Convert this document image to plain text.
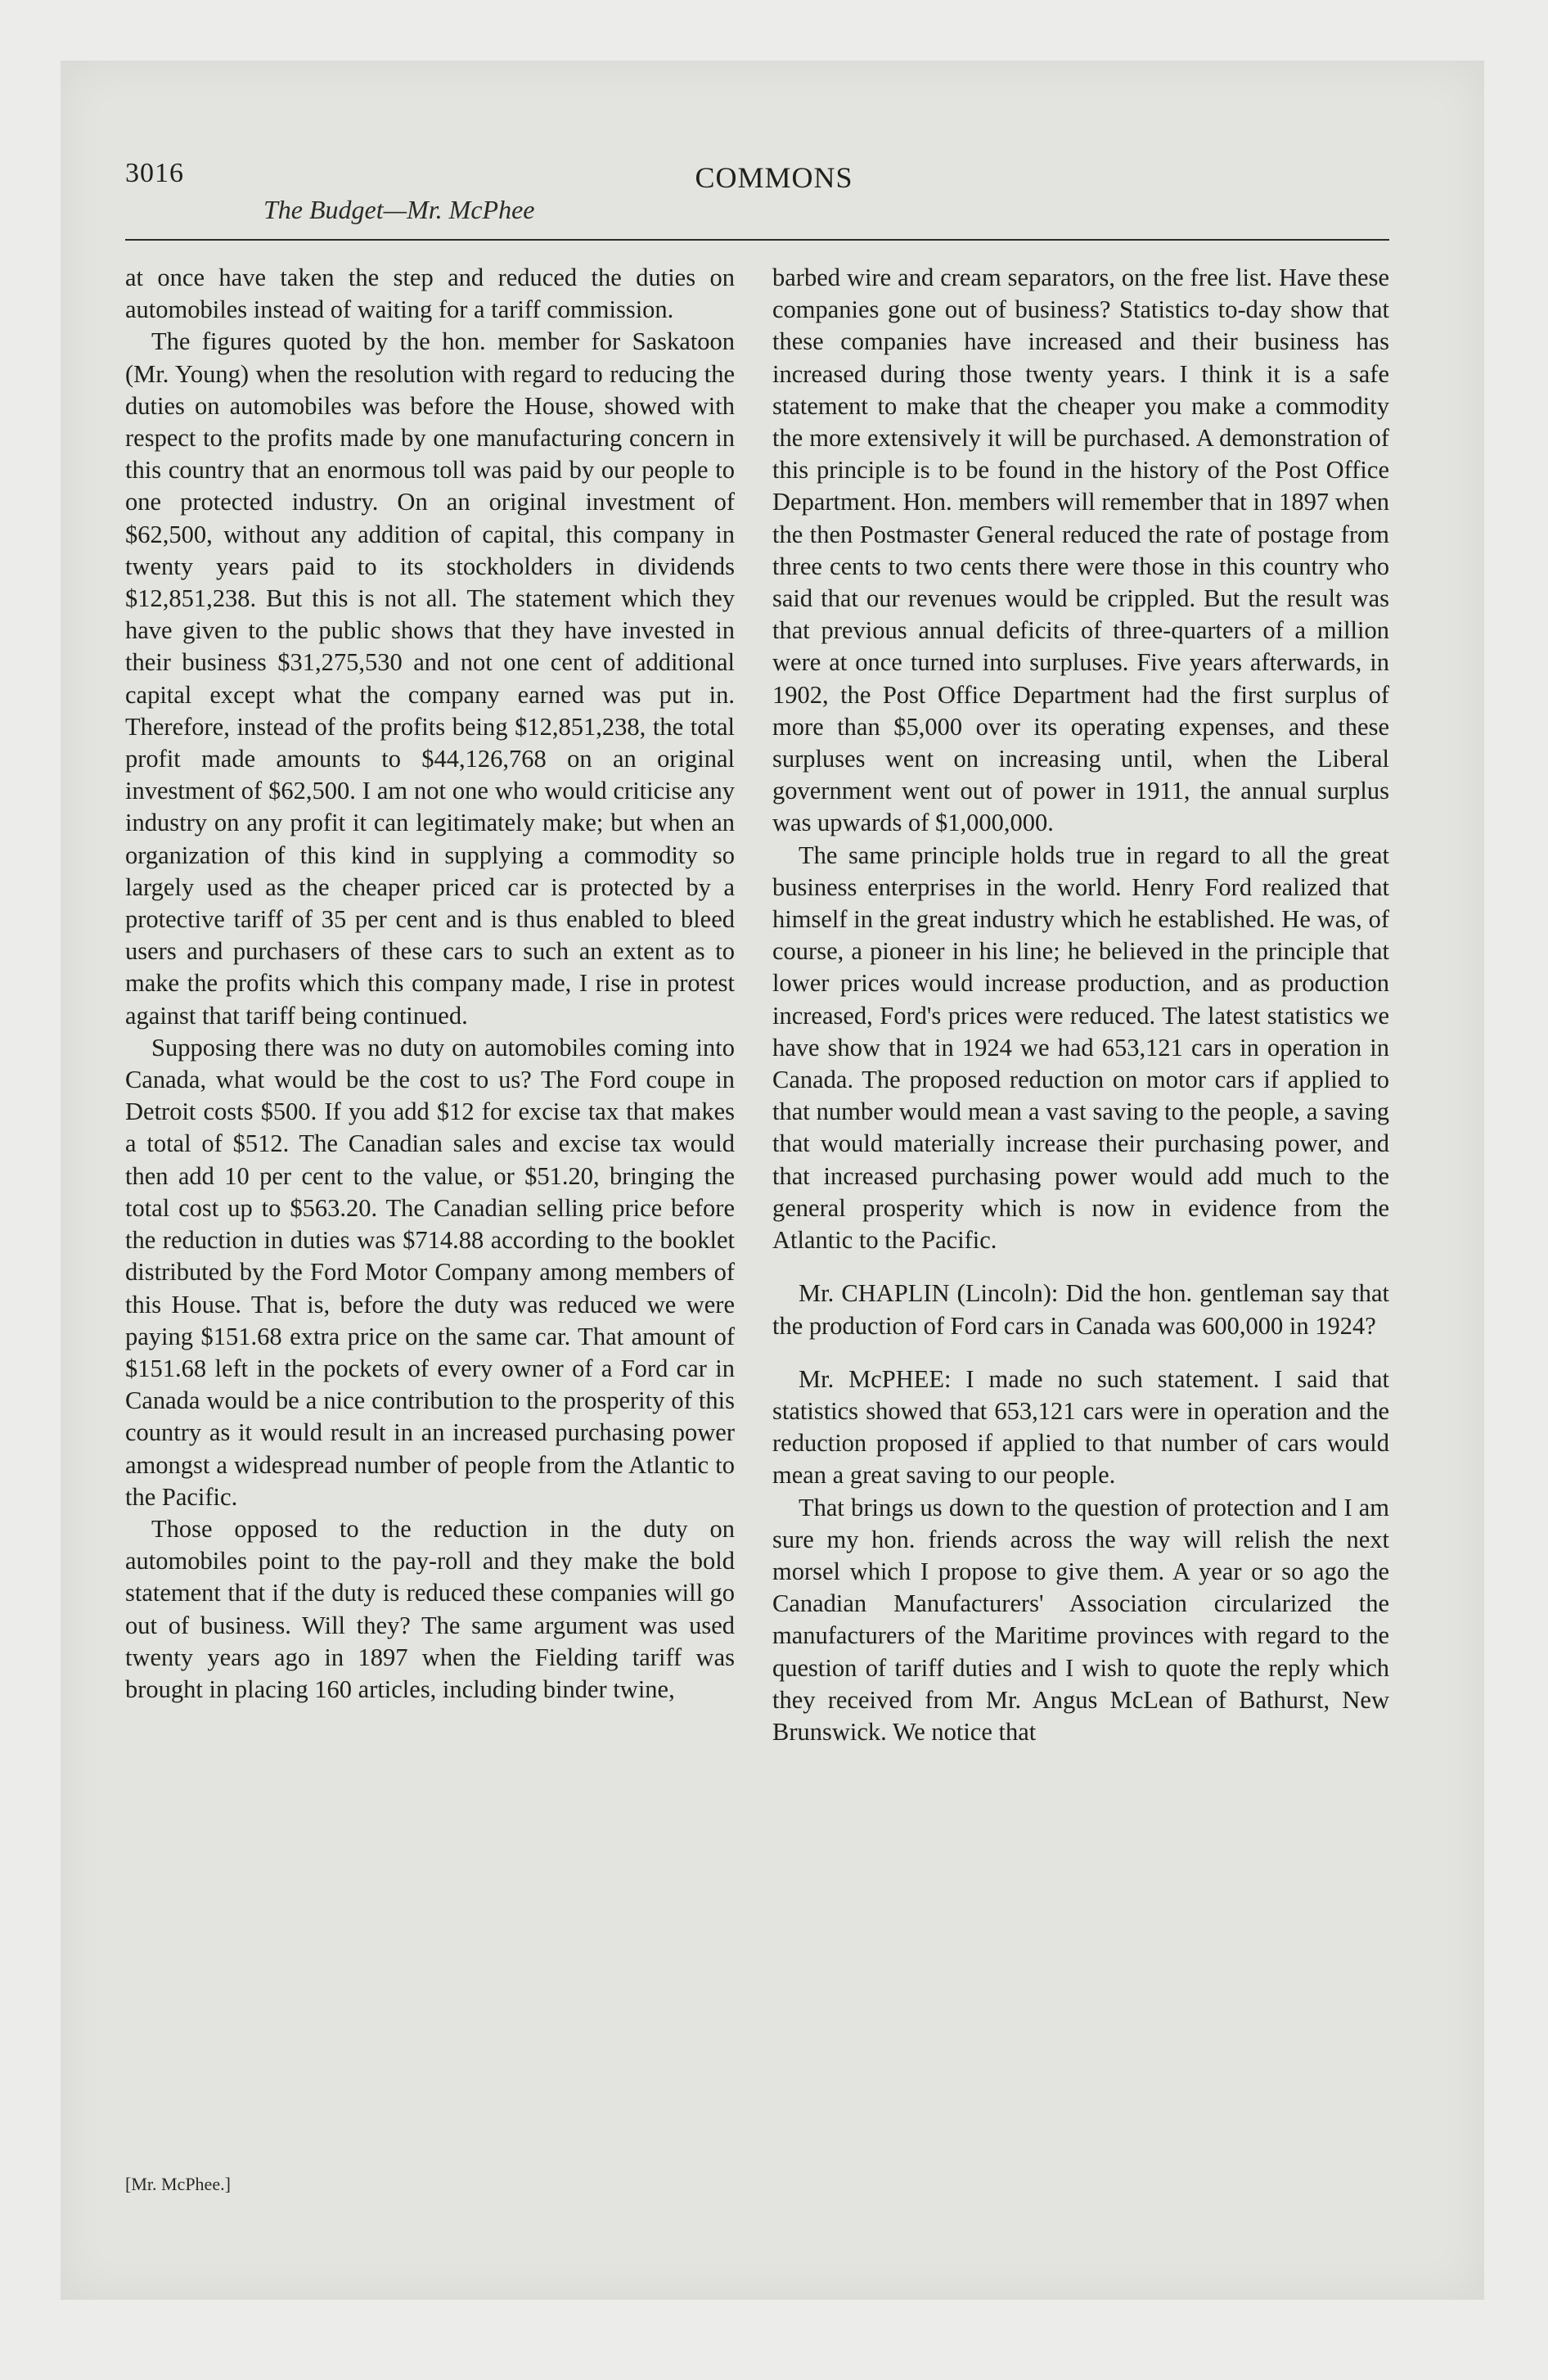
3016	COMMONS
The Budget—Mr. McPhee

at once have taken the step and reduced the duties on automobiles instead of waiting for a tariff commission.

The figures quoted by the hon. member for Saskatoon (Mr. Young) when the resolution with regard to reducing the duties on automobiles was before the House, showed with respect to the profits made by one manufacturing concern in this country that an enormous toll was paid by our people to one protected industry. On an original investment of $62,500, without any addition of capital, this company in twenty years paid to its stockholders in dividends $12,851,238. But this is not all. The statement which they have given to the public shows that they have invested in their business $31,275,530 and not one cent of additional capital except what the company earned was put in. Therefore, instead of the profits being $12,851,238, the total profit made amounts to $44,126,768 on an original investment of $62,500. I am not one who would criticise any industry on any profit it can legitimately make; but when an organization of this kind in supplying a commodity so largely used as the cheaper priced car is protected by a protective tariff of 35 per cent and is thus enabled to bleed users and purchasers of these cars to such an extent as to make the profits which this company made, I rise in protest against that tariff being continued.

Supposing there was no duty on automobiles coming into Canada, what would be the cost to us? The Ford coupe in Detroit costs $500. If you add $12 for excise tax that makes a total of $512. The Canadian sales and excise tax would then add 10 per cent to the value, or $51.20, bringing the total cost up to $563.20. The Canadian selling price before the reduction in duties was $714.88 according to the booklet distributed by the Ford Motor Company among members of this House. That is, before the duty was reduced we were paying $151.68 extra price on the same car. That amount of $151.68 left in the pockets of every owner of a Ford car in Canada would be a nice contribution to the prosperity of this country as it would result in an increased purchasing power amongst a widespread number of people from the Atlantic to the Pacific.

Those opposed to the reduction in the duty on automobiles point to the pay-roll and they make the bold statement that if the duty is reduced these companies will go out of business. Will they? The same argument was used twenty years ago in 1897 when the Fielding tariff was brought in placing 160 articles, including binder twine,

[Mr. McPhee.]

barbed wire and cream separators, on the free list. Have these companies gone out of business? Statistics to-day show that these companies have increased and their business has increased during those twenty years. I think it is a safe statement to make that the cheaper you make a commodity the more extensively it will be purchased. A demonstration of this principle is to be found in the history of the Post Office Department. Hon. members will remember that in 1897 when the then Postmaster General reduced the rate of postage from three cents to two cents there were those in this country who said that our revenues would be crippled. But the result was that previous annual deficits of three-quarters of a million were at once turned into surpluses. Five years afterwards, in 1902, the Post Office Department had the first surplus of more than $5,000 over its operating expenses, and these surpluses went on increasing until, when the Liberal government went out of power in 1911, the annual surplus was upwards of $1,000,000.

The same principle holds true in regard to all the great business enterprises in the world. Henry Ford realized that himself in the great industry which he established. He was, of course, a pioneer in his line; he believed in the principle that lower prices would increase production, and as production increased, Ford's prices were reduced. The latest statistics we have show that in 1924 we had 653,121 cars in operation in Canada. The proposed reduction on motor cars if applied to that number would mean a vast saving to the people, a saving that would materially increase their purchasing power, and that increased purchasing power would add much to the general prosperity which is now in evidence from the Atlantic to the Pacific.

Mr. CHAPLIN (Lincoln): Did the hon. gentleman say that the production of Ford cars in Canada was 600,000 in 1924?

Mr. McPHEE: I made no such statement. I said that statistics showed that 653,121 cars were in operation and the reduction proposed if applied to that number of cars would mean a great saving to our people.

That brings us down to the question of protection and I am sure my hon. friends across the way will relish the next morsel which I propose to give them. A year or so ago the Canadian Manufacturers' Association circularized the manufacturers of the Maritime provinces with regard to the question of tariff duties and I wish to quote the reply which they received from Mr. Angus McLean of Bathurst, New Brunswick. We notice that
